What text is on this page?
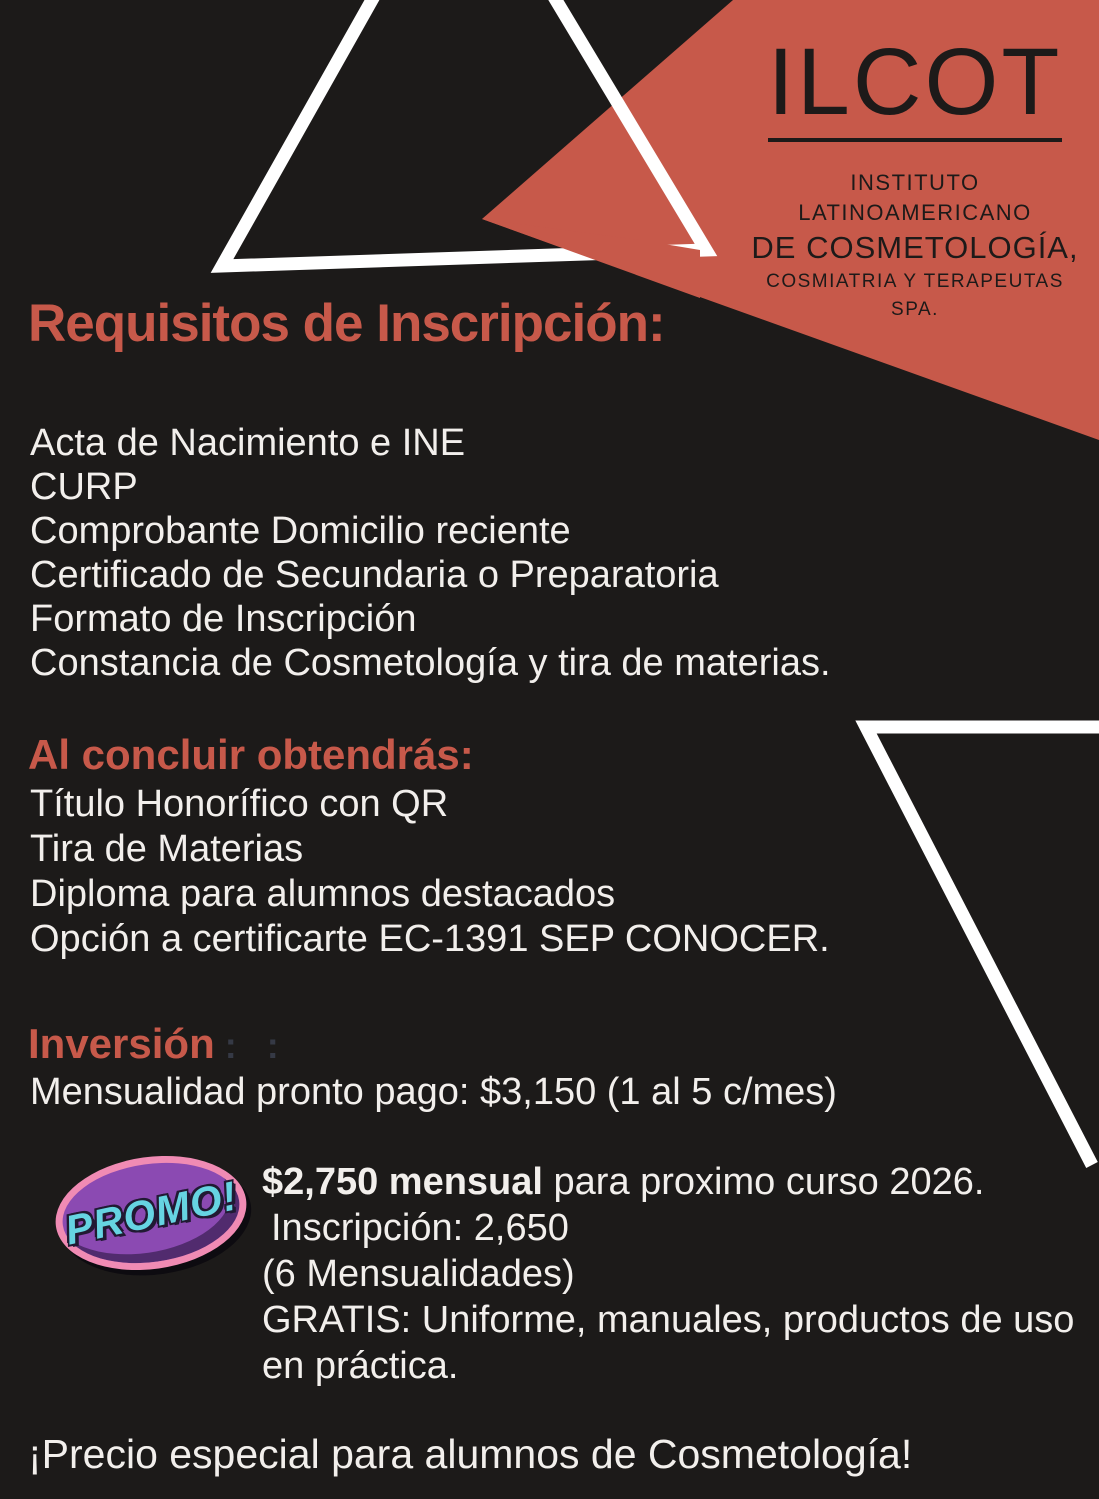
ILCOT
INSTITUTO LATINOAMERICANO
DE COSMETOLOGÍA,
COSMIATRIA Y TERAPEUTAS SPA.
Requisitos de Inscripción:
Acta de Nacimiento e INE
CURP
Comprobante Domicilio reciente
Certificado de Secundaria o Preparatoria
Formato de Inscripción
Constancia de Cosmetología y tira de materias.
Al concluir obtendrás:
Título Honorífico con QR
Tira de Materias
Diploma para alumnos destacados
Opción a certificarte EC-1391 SEP CONOCER.
Inversión : :
Mensualidad pronto pago: $3,150 (1 al 5 c/mes)
PROMO! $2,750 mensual para proximo curso 2026.
Inscripción: 2,650
(6 Mensualidades)
GRATIS: Uniforme, manuales, productos de uso en práctica.
¡Precio especial para alumnos de Cosmetología!
